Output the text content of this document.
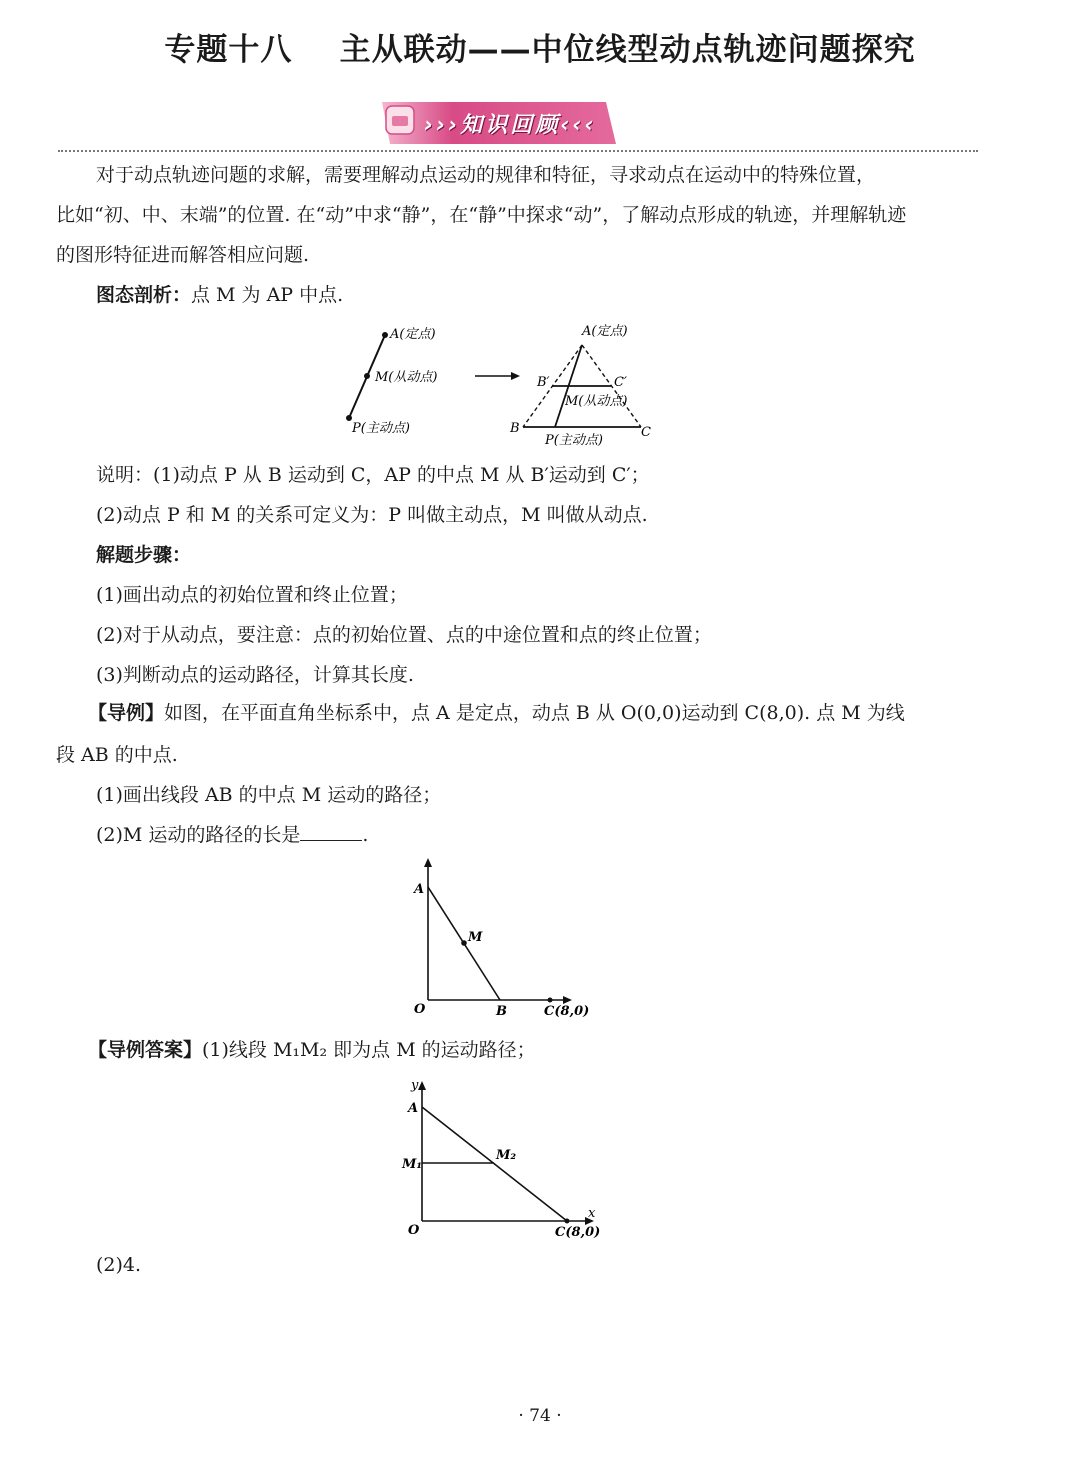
专题十八    主从联动——中位线型动点轨迹问题探究
›››知识回顾‹‹‹
对于动点轨迹问题的求解，需要理解动点运动的规律和特征，寻求动点在运动中的特殊位置，
比如“初、中、末端”的位置. 在“动”中求“静”，在“静”中探求“动”，了解动点形成的轨迹，并理解轨迹
的图形特征进而解答相应问题.
图态剖析：点 M 为 AP 中点.
A(定点)
M(从动点)
P(主动点)
A(定点)
B′	C′
M(从动点)
B
P(主动点)
C
说明：(1)动点 P 从 B 运动到 C，AP 的中点 M 从 B′运动到 C′；
(2)动点 P 和 M 的关系可定义为：P 叫做主动点，M 叫做从动点.
解题步骤：
(1)画出动点的初始位置和终止位置；
(2)对于从动点，要注意：点的初始位置、点的中途位置和点的终止位置；
(3)判断动点的运动路径，计算其长度.
【导例】如图，在平面直角坐标系中，点 A 是定点，动点 B 从 O(0,0)运动到 C(8,0). 点 M 为线
段 AB 的中点.
(1)画出线段 AB 的中点 M 运动的路径；
(2)M 运动的路径的长是	.
A
M
O	B	C(8,0)
【导例答案】(1)线段 M₁M₂ 即为点 M 的运动路径；
y
x
A
M₁
M₂
O	C(8,0)
(2)4.
· 74 ·
